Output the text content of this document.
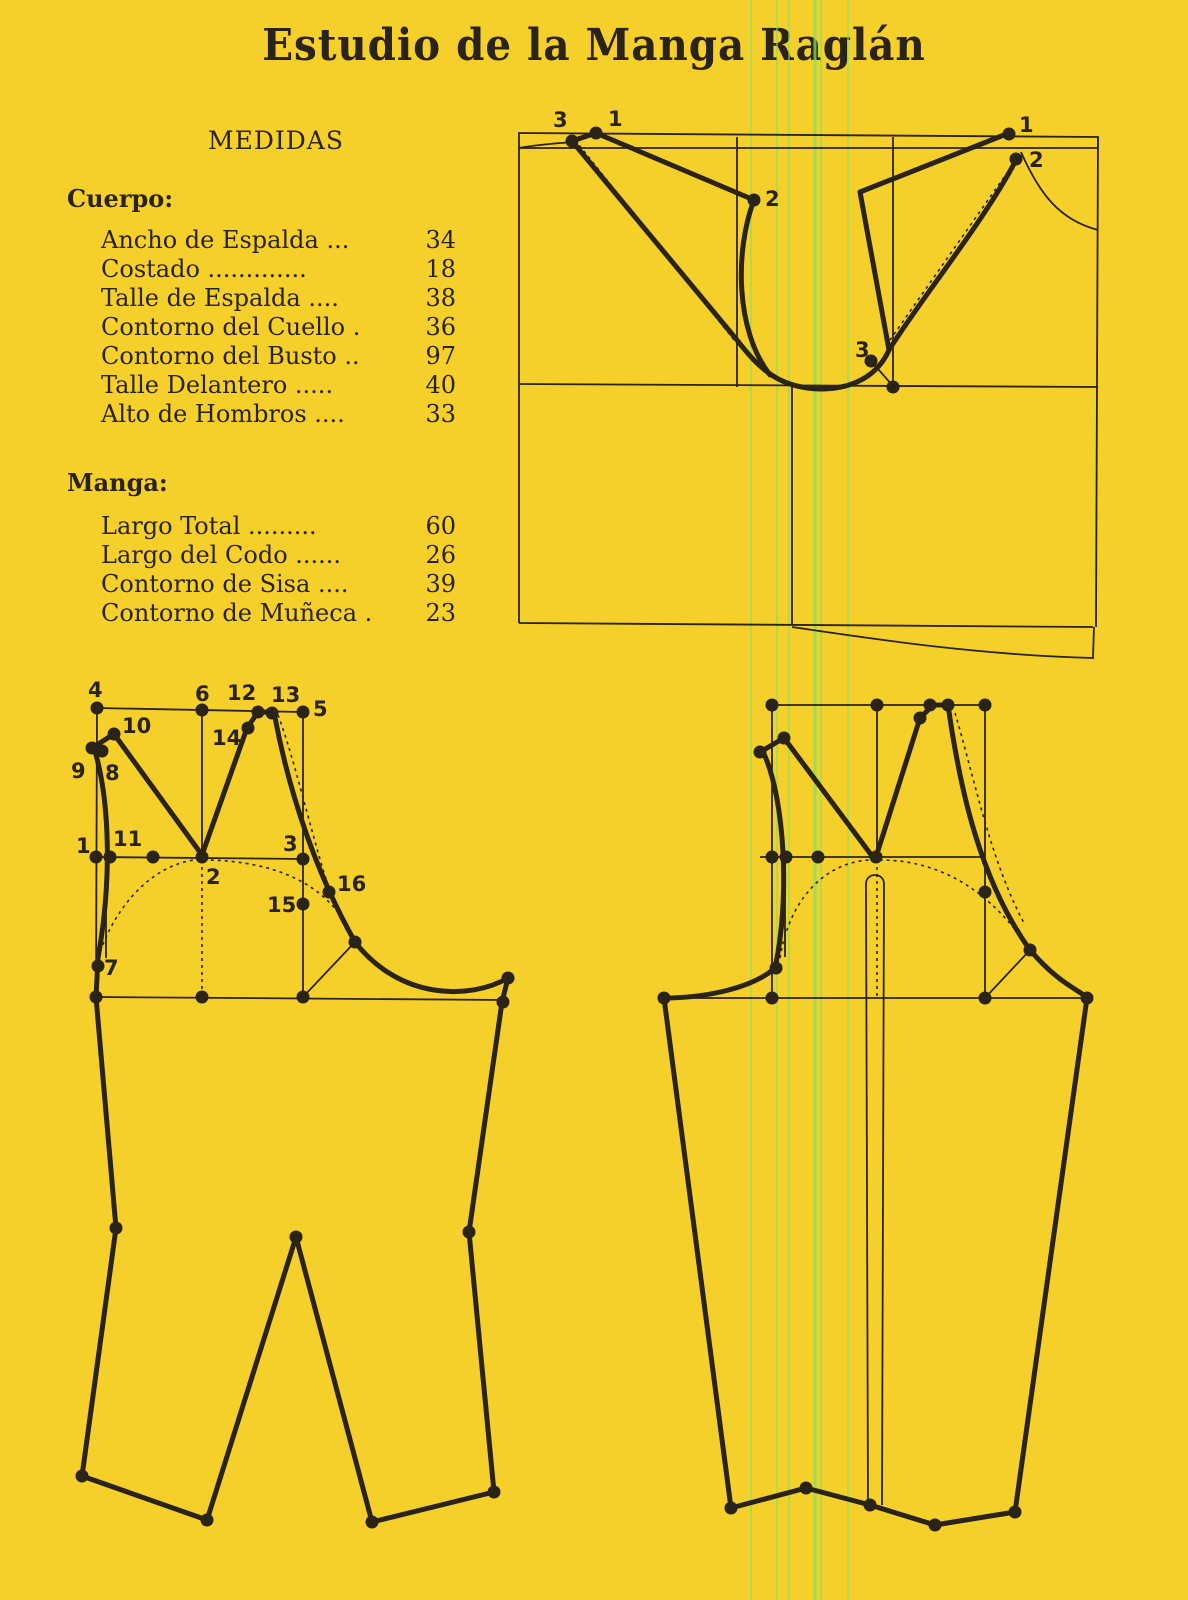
Estudio de la Manga Raglán
MEDIDAS
Cuerpo:
Ancho de Espalda ...	34
Costado .............	18
Talle de Espalda ....	38
Contorno del Cuello .	36
Contorno del Busto ..	97
Talle Delantero .....	40
Alto de Hombros ....	33
Manga:
Largo Total .........	60
Largo del Codo ......	26
Contorno de Sisa ....	39
Contorno de Muñeca .	23
3 1
2
1
2
3
4	6 12 13
5
10	14
9 8
1 11
2
3
16
15
7
